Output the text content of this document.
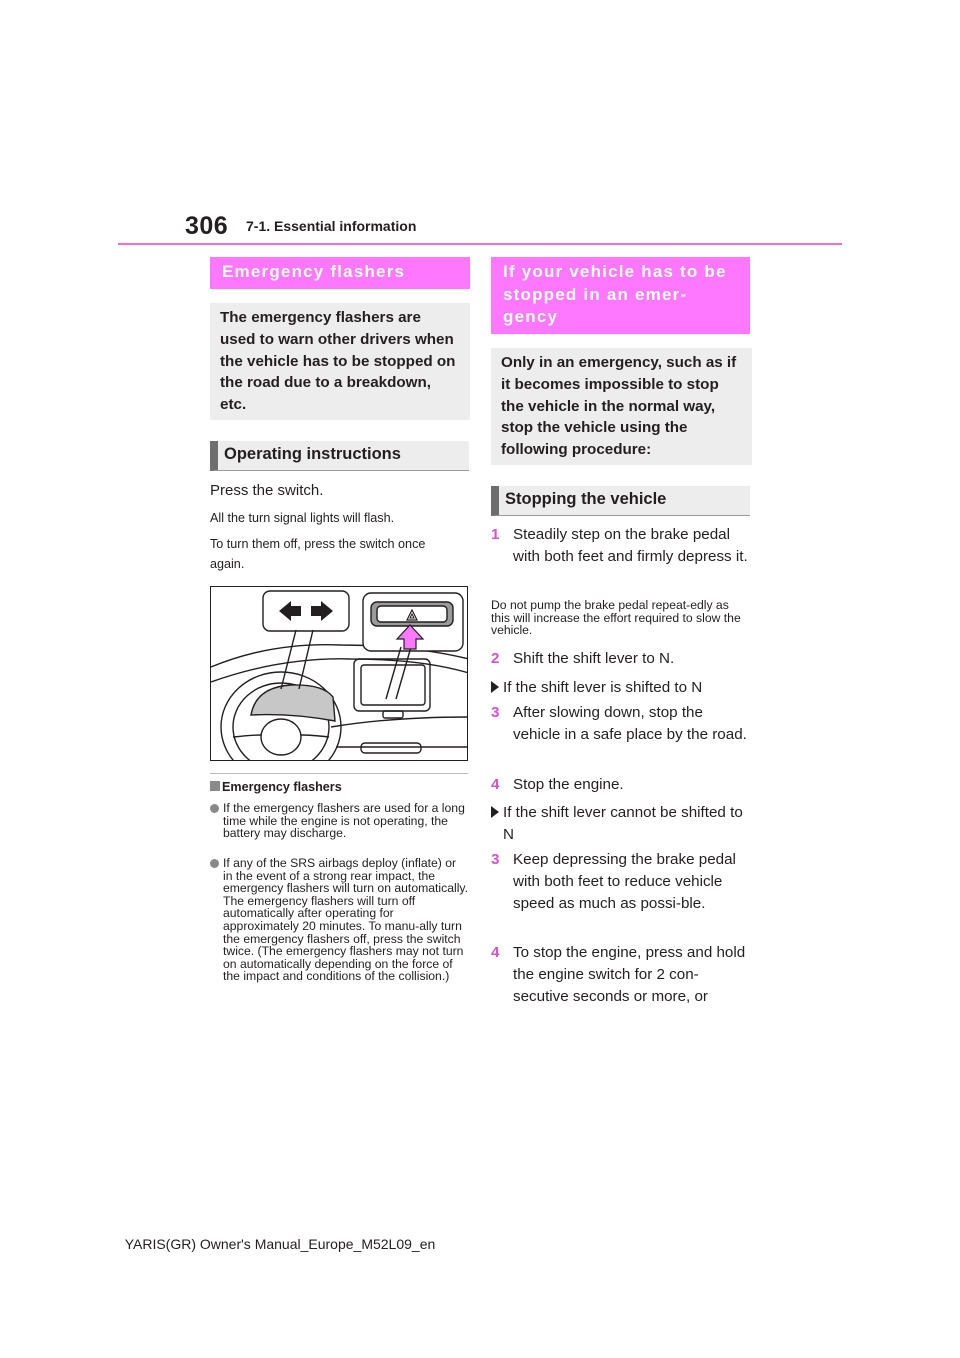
306 7-1. Essential information
Emergency flashers
The emergency flashers are used to warn other drivers when the vehicle has to be stopped on the road due to a breakdown, etc.
Operating instructions
Press the switch.
All the turn signal lights will flash.
To turn them off, press the switch once again.
Emergency flashers
If the emergency flashers are used for a long time while the engine is not operating, the battery may discharge.
If any of the SRS airbags deploy (inflate) or in the event of a strong rear impact, the emergency flashers will turn on automatically. The emergency flashers will turn off automatically after operating for approximately 20 minutes. To manu-ally turn the emergency flashers off, press the switch twice. (The emergency flashers may not turn on automatically depending on the force of the impact and conditions of the collision.)
If your vehicle has to be stopped in an emer-gency
Only in an emergency, such as if it becomes impossible to stop the vehicle in the normal way, stop the vehicle using the following procedure:
Stopping the vehicle
1 Steadily step on the brake pedal with both feet and firmly depress it.
Do not pump the brake pedal repeat-edly as this will increase the effort required to slow the vehicle.
2 Shift the shift lever to N.
If the shift lever is shifted to N
3 After slowing down, stop the vehicle in a safe place by the road.
4 Stop the engine.
If the shift lever cannot be shifted to N
3 Keep depressing the brake pedal with both feet to reduce vehicle speed as much as possi-ble.
4 To stop the engine, press and hold the engine switch for 2 con-secutive seconds or more, or
YARIS(GR) Owner's Manual_Europe_M52L09_en
